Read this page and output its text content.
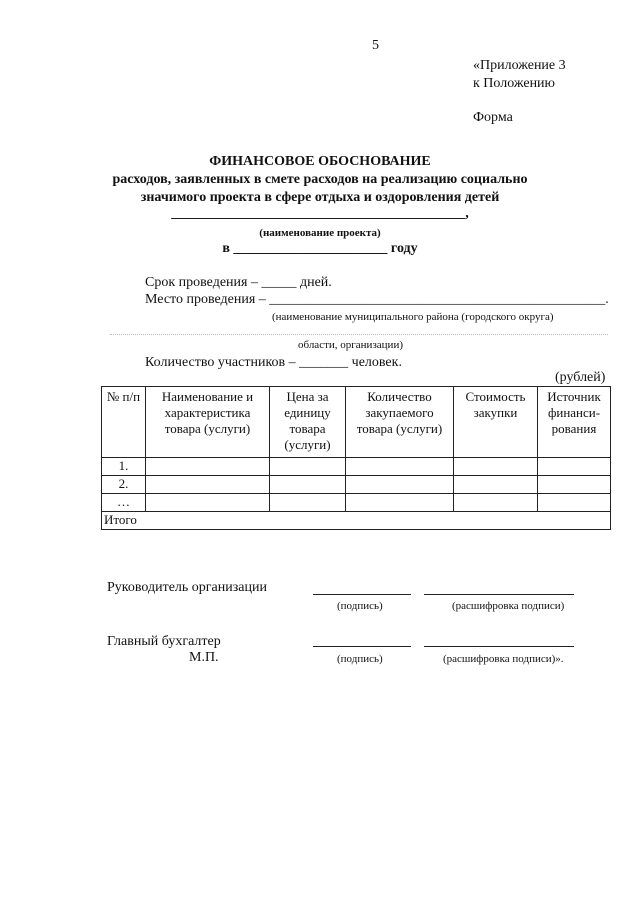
5
«Приложение 3
к Положению
Форма
ФИНАНСОВОЕ ОБОСНОВАНИЕ
расходов, заявленных в смете расходов на реализацию социально
значимого проекта в сфере отдыха и оздоровления детей
__________________________________________,
(наименование проекта)
в ______________________ году
Срок проведения – _____ дней.
Место проведения – ________________________________________________.
(наименование муниципального района (городского округа)
области, организации)
Количество участников – _______ человек.
(рублей)
№ п/п	Наименование и характеристика товара (услуги)	Цена за единицу товара (услуги)	Количество закупаемого товара (услуги)	Стоимость закупки	Источник финанси-рования
1.					
2.					
…					
Итого					
Руководитель организации
(подпись)	(расшифровка подписи)
Главный бухгалтер
М.П.	(подпись)	(расшифровка подписи)».
